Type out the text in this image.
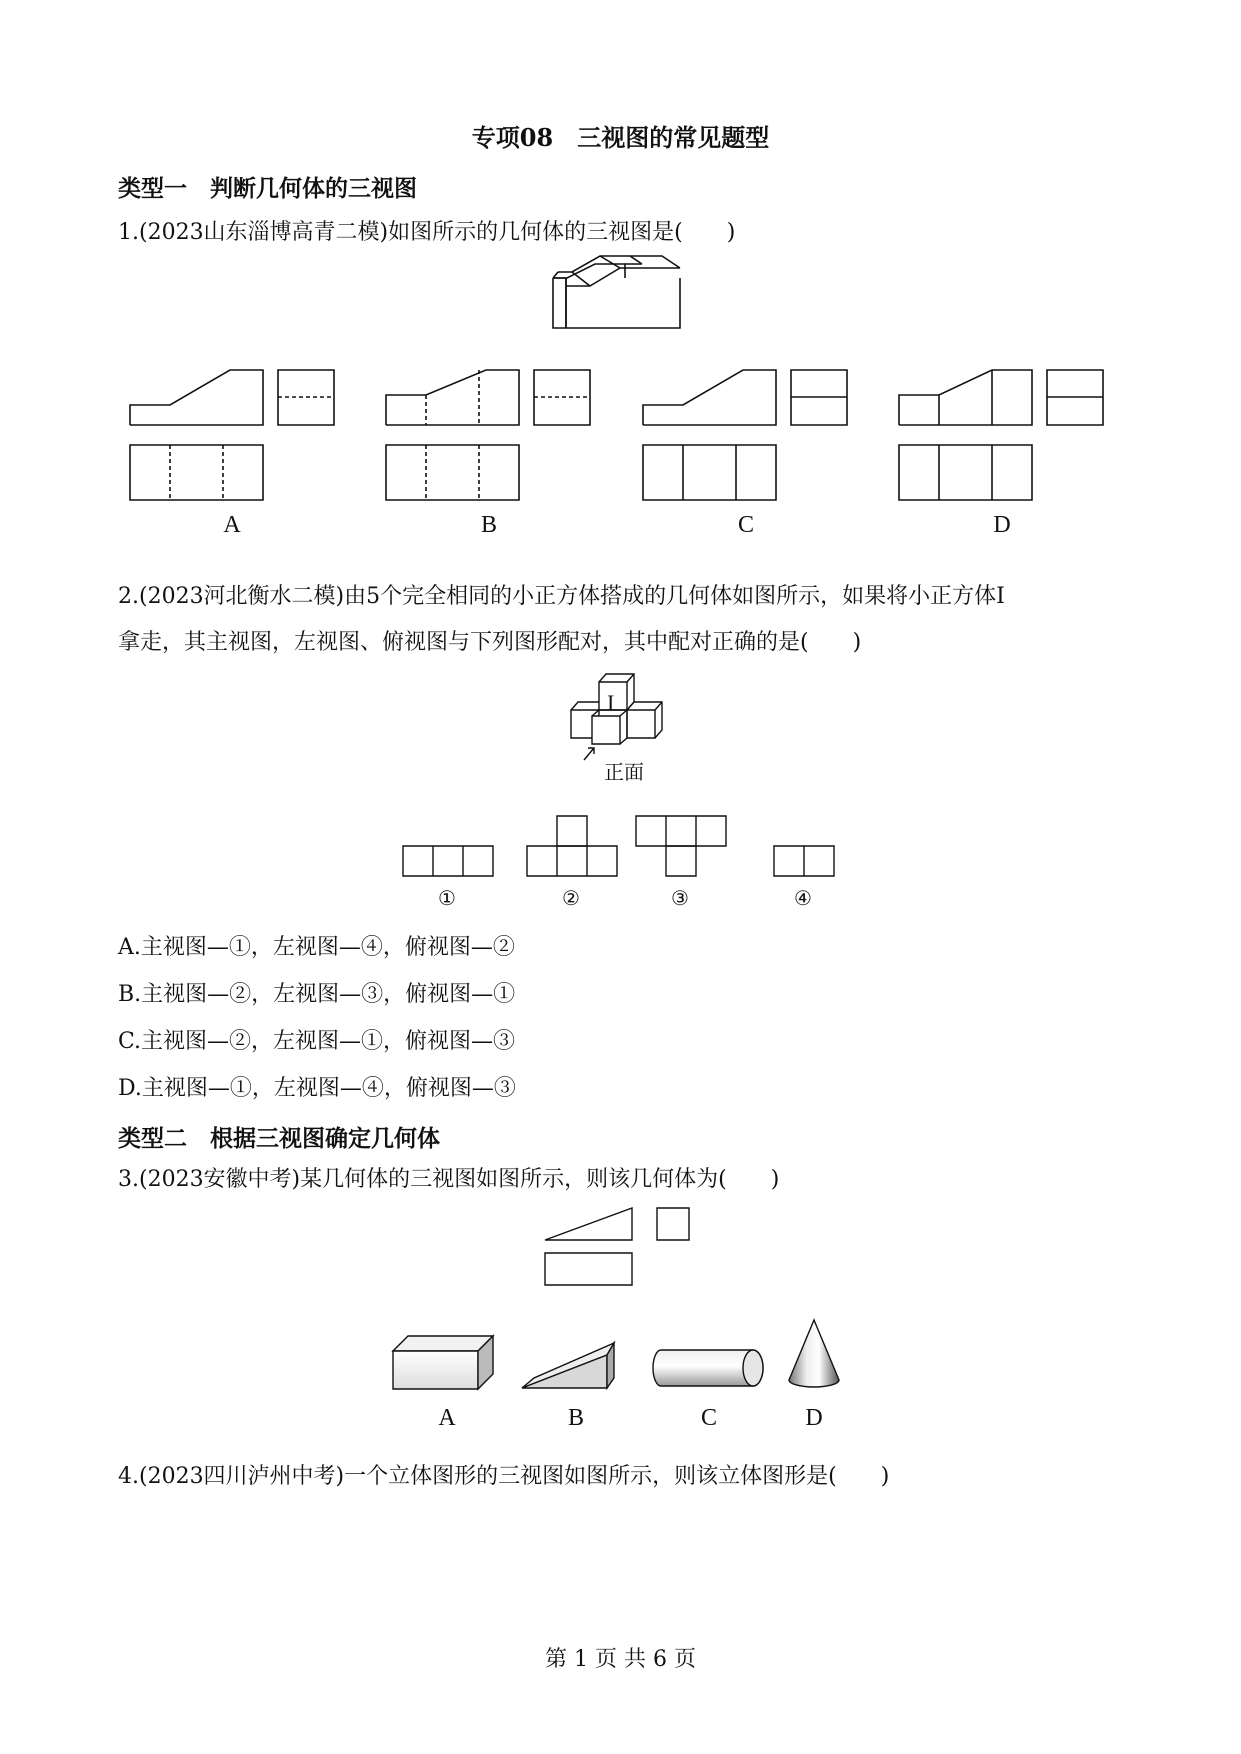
专项08　三视图的常见题型
类型一　判断几何体的三视图
1.(2023山东淄博高青二模)如图所示的几何体的三视图是(　　)
A	B	C	D
2.(2023河北衡水二模)由5个完全相同的小正方体搭成的几何体如图所示，如果将小正方体I
拿走，其主视图，左视图、俯视图与下列图形配对，其中配对正确的是(　　)
I
正面
①	②	③	④
A.主视图—①，左视图—④，俯视图—②
B.主视图—②，左视图—③，俯视图—①
C.主视图—②，左视图—①，俯视图—③
D.主视图—①，左视图—④，俯视图—③
类型二　根据三视图确定几何体
3.(2023安徽中考)某几何体的三视图如图所示，则该几何体为(　　)
A	B	C	D
4.(2023四川泸州中考)一个立体图形的三视图如图所示，则该立体图形是(　　)
第 1 页 共 6 页
